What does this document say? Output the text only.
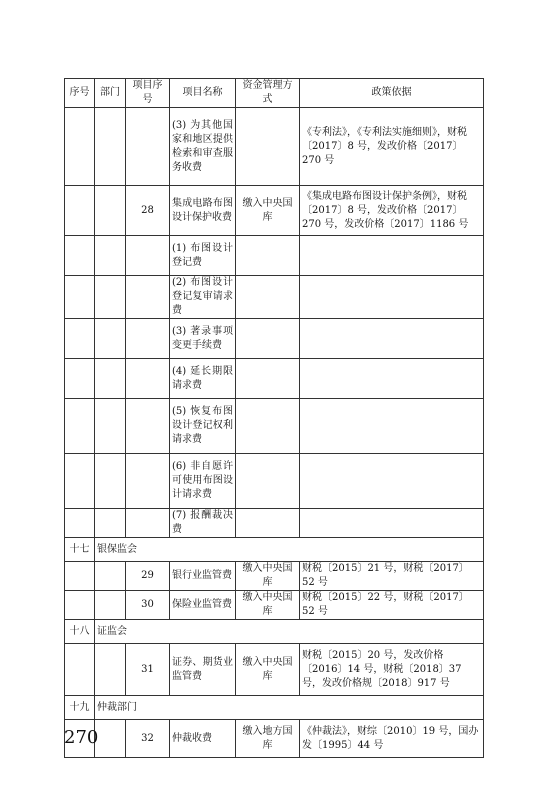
序号	部门	项目序号	项目名称	资金管理方式	政策依据
			(3) 为其他国家和地区提供检索和审查服务收费		《专利法》，《专利法实施细则》，财税〔2017〕8 号，发改价格〔2017〕270 号
		28	集成电路布图设计保护收费	缴入中央国库	《集成电路布图设计保护条例》，财税〔2017〕8 号，发改价格〔2017〕270 号，发改价格〔2017〕1186 号
			(1) 布图设计登记费		
			(2) 布图设计登记复审请求费		
			(3) 著录事项变更手续费		
			(4) 延长期限请求费		
			(5) 恢复布图设计登记权利请求费		
			(6) 非自愿许可使用布图设计请求费		
			(7) 报酬裁决费		
十七	银保监会				
		29	银行业监管费	缴入中央国库	财税〔2015〕21 号，财税〔2017〕52 号
		30	保险业监管费	缴入中央国库	财税〔2015〕22 号，财税〔2017〕52 号
十八	证监会				
		31	证券、期货业监管费	缴入中央国库	财税〔2015〕20 号，发改价格〔2016〕14 号，财税〔2018〕37 号，发改价格规〔2018〕917 号
十九	仲裁部门				
		32	仲裁收费	缴入地方国库	《仲裁法》，财综〔2010〕19 号，国办发〔1995〕44 号
270
